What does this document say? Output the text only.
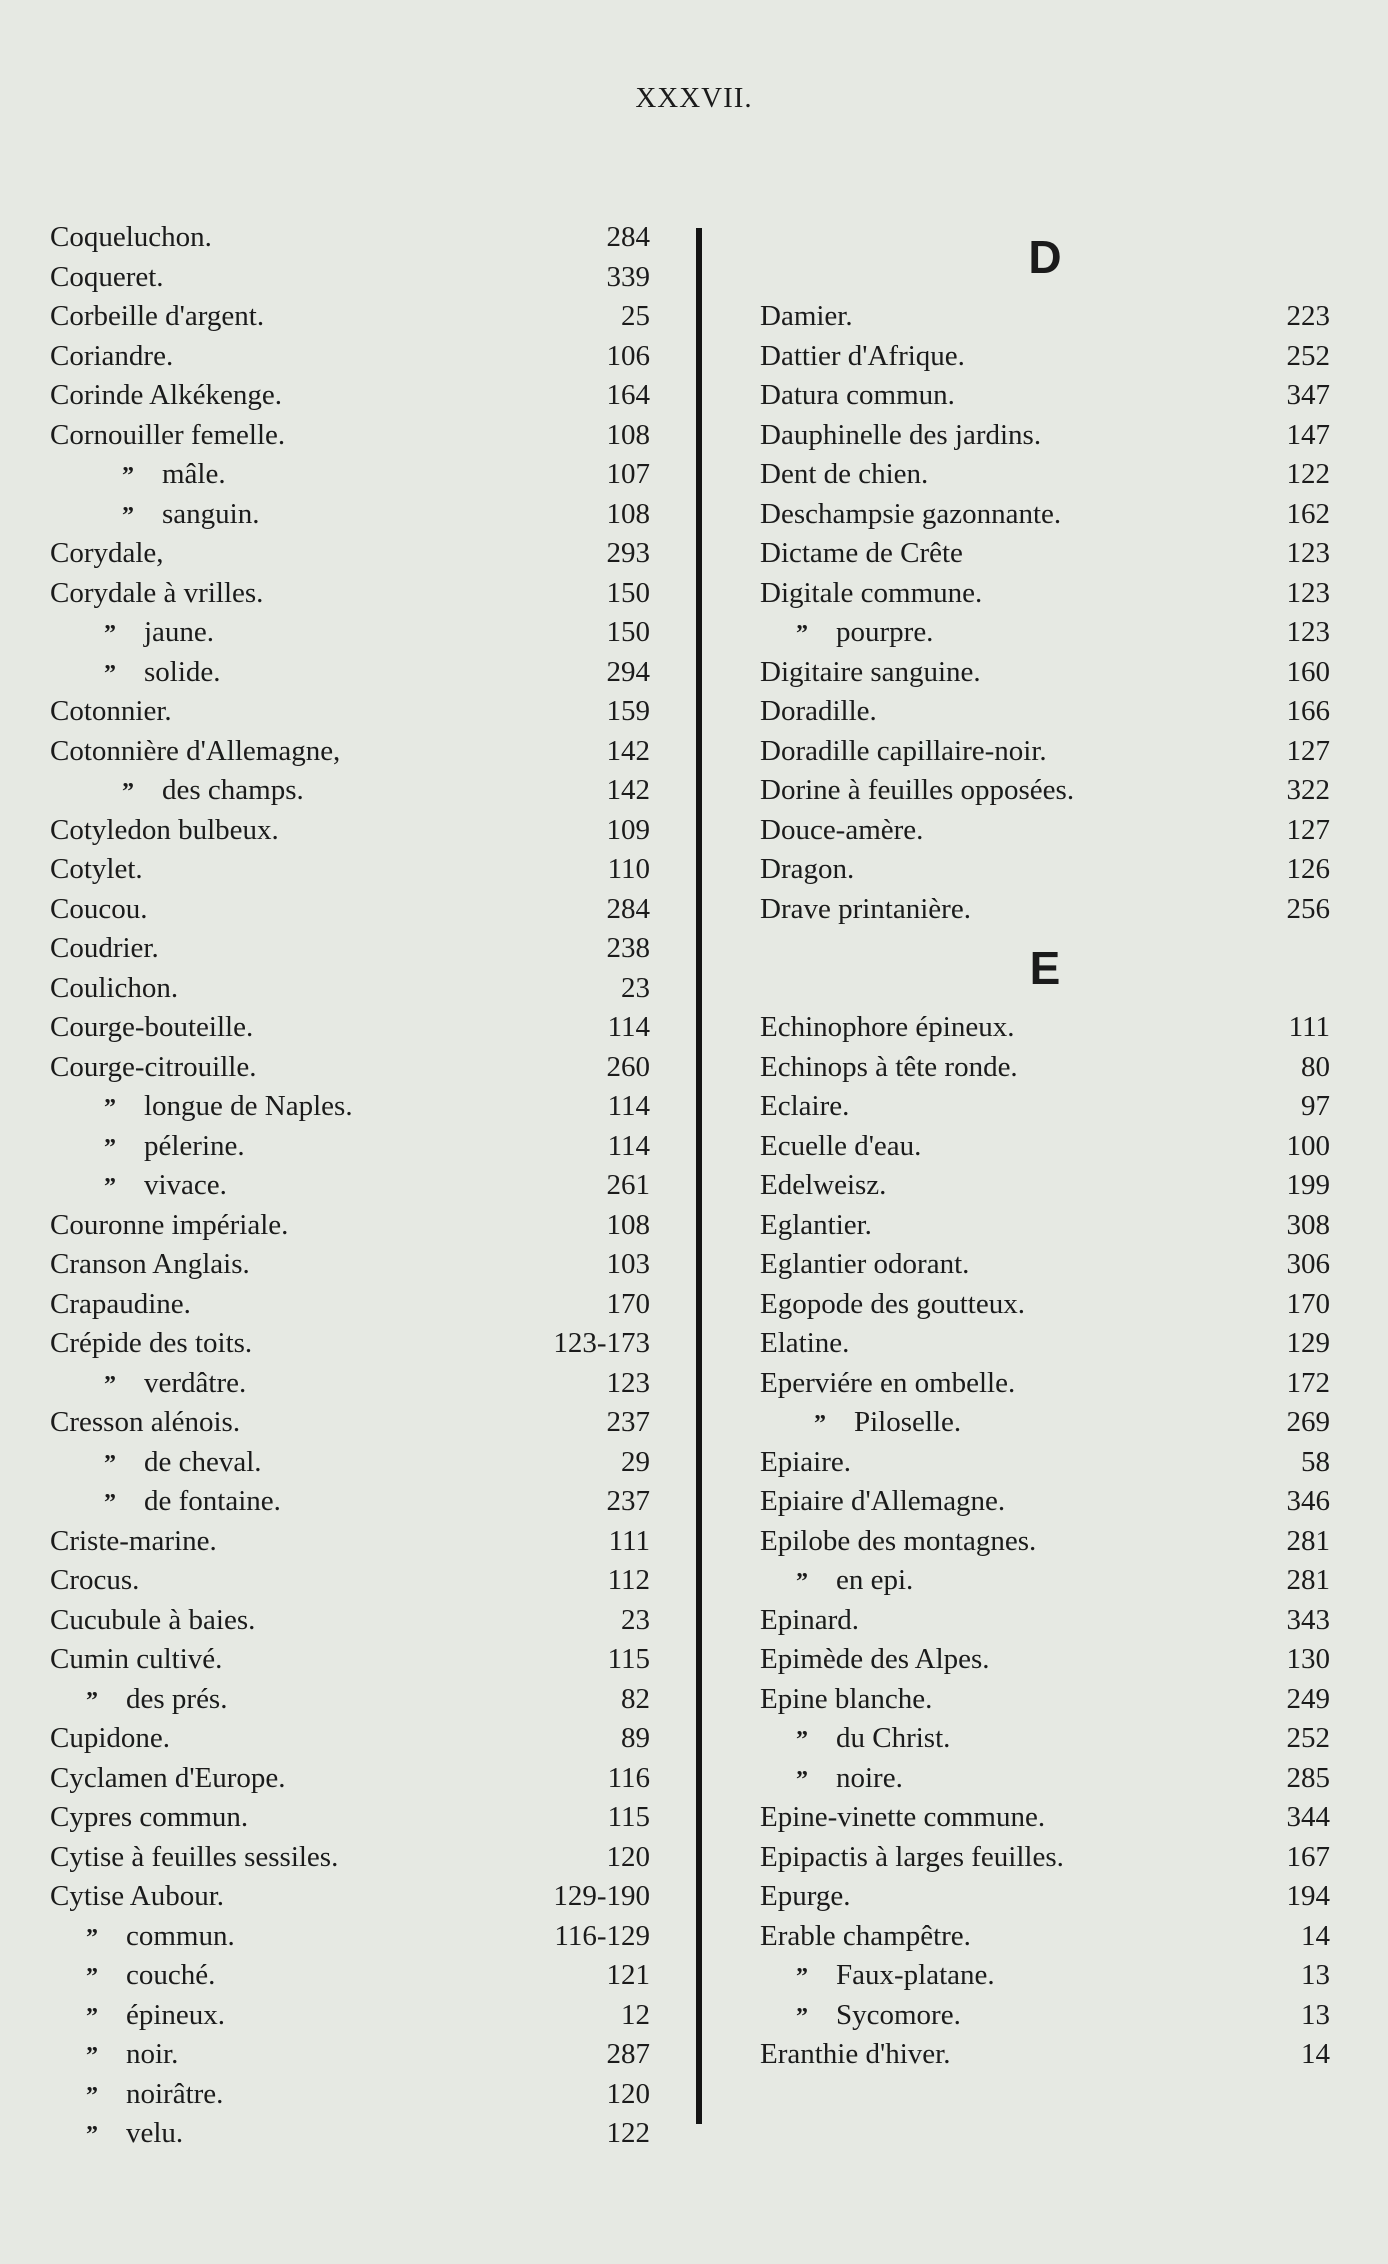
XXXVII.
Coqueluchon.	284
Coqueret.	339
Corbeille d'argent.	25
Coriandre.	106
Corinde Alkékenge.	164
Cornouiller femelle.	108
” mâle.	107
” sanguin.	108
Corydale,	293
Corydale à vrilles.	150
” jaune.	150
” solide.	294
Cotonnier.	159
Cotonnière d'Allemagne,	142
” des champs.	142
Cotyledon bulbeux.	109
Cotylet.	110
Coucou.	284
Coudrier.	238
Coulichon.	23
Courge-bouteille.	114
Courge-citrouille.	260
” longue de Naples.	114
” pélerine.	114
” vivace.	261
Couronne impériale.	108
Cranson Anglais.	103
Crapaudine.	170
Crépide des toits.	123-173
” verdâtre.	123
Cresson alénois.	237
” de cheval.	29
” de fontaine.	237
Criste-marine.	111
Crocus.	112
Cucubule à baies.	23
Cumin cultivé.	115
” des prés.	82
Cupidone.	89
Cyclamen d'Europe.	116
Cypres commun.	115
Cytise à feuilles sessiles.	120
Cytise Aubour.	129-190
” commun.	116-129
” couché.	121
” épineux.	12
” noir.	287
” noirâtre.	120
” velu.	122
D
Damier.	223
Dattier d'Afrique.	252
Datura commun.	347
Dauphinelle des jardins.	147
Dent de chien.	122
Deschampsie gazonnante.	162
Dictame de Crête	123
Digitale commune.	123
” pourpre.	123
Digitaire sanguine.	160
Doradille.	166
Doradille capillaire-noir.	127
Dorine à feuilles opposées.	322
Douce-amère.	127
Dragon.	126
Drave printanière.	256
E
Echinophore épineux.	111
Echinops à tête ronde.	80
Eclaire.	97
Ecuelle d'eau.	100
Edelweisz.	199
Eglantier.	308
Eglantier odorant.	306
Egopode des goutteux.	170
Elatine.	129
Eperviére en ombelle.	172
” Piloselle.	269
Epiaire.	58
Epiaire d'Allemagne.	346
Epilobe des montagnes.	281
” en epi.	281
Epinard.	343
Epimède des Alpes.	130
Epine blanche.	249
” du Christ.	252
” noire.	285
Epine-vinette commune.	344
Epipactis à larges feuilles.	167
Epurge.	194
Erable champêtre.	14
” Faux-platane.	13
” Sycomore.	13
Eranthie d'hiver.	14
